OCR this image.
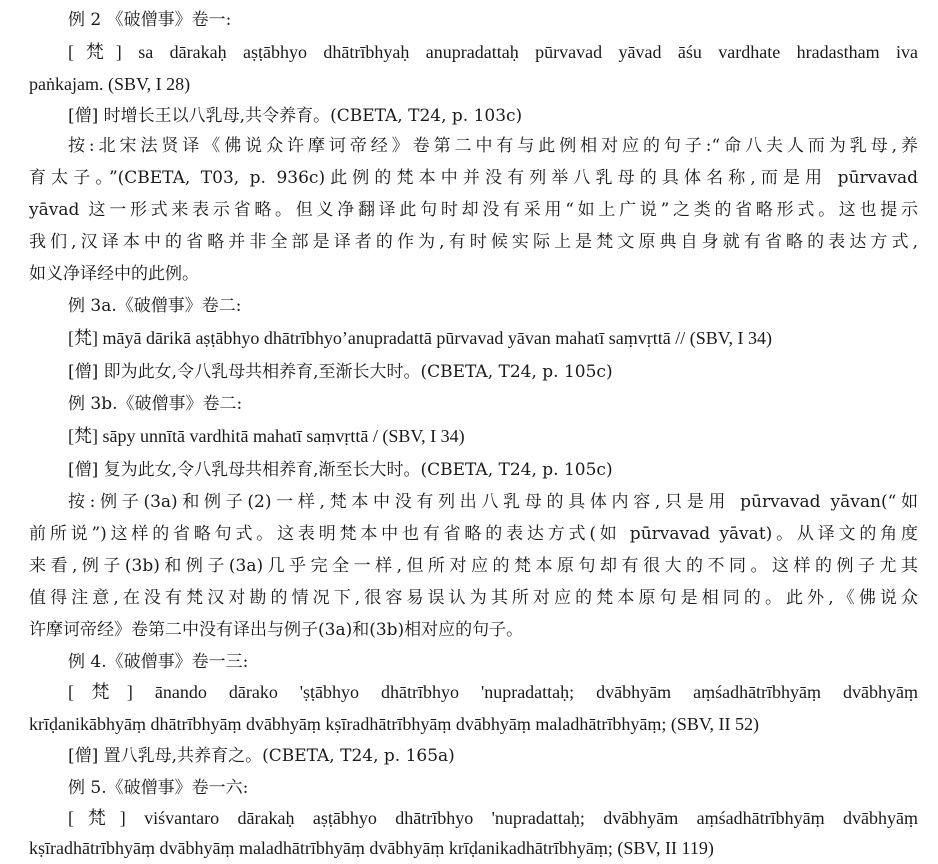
例 2 《破僧事》卷一:
[梵] sa dārakaḥ aṣṭābhyo dhātrībhyaḥ anupradattaḥ pūrvavad yāvad āśu vardhate hradastham iva
paṅkajam. (SBV, I 28)
[僧] 时增长王以八乳母,共令养育。(CBETA, T24, p. 103c)
按:北宋法贤译《佛说众许摩诃帝经》卷第二中有与此例相对应的句子:“命八夫人而为乳母,养
育太子。”(CBETA, T03, p. 936c)此例的梵本中并没有列举八乳母的具体名称,而是用 pūrvavad
yāvad 这一形式来表示省略。但义净翻译此句时却没有采用“如上广说”之类的省略形式。这也提示
我们,汉译本中的省略并非全部是译者的作为,有时候实际上是梵文原典自身就有省略的表达方式,
如义净译经中的此例。
例 3a.《破僧事》卷二:
[梵] māyā dārikā aṣṭābhyo dhātrībhyo’anupradattā pūrvavad yāvan mahatī saṃvṛttā // (SBV, I 34)
[僧] 即为此女,令八乳母共相养育,至渐长大时。(CBETA, T24, p. 105c)
例 3b.《破僧事》卷二:
[梵] sāpy unnītā vardhitā mahatī saṃvṛttā / (SBV, I 34)
[僧] 复为此女,令八乳母共相养育,渐至长大时。(CBETA, T24, p. 105c)
按:例子(3a)和例子(2)一样,梵本中没有列出八乳母的具体内容,只是用 pūrvavad yāvan(“如
前所说”)这样的省略句式。这表明梵本中也有省略的表达方式(如 pūrvavad yāvat)。从译文的角度
来看,例子(3b)和例子(3a)几乎完全一样,但所对应的梵本原句却有很大的不同。这样的例子尤其
值得注意,在没有梵汉对勘的情况下,很容易误认为其所对应的梵本原句是相同的。此外,《佛说众
许摩诃帝经》卷第二中没有译出与例子(3a)和(3b)相对应的句子。
例 4.《破僧事》卷一三:
[梵] ānando dārako 'ṣṭābhyo dhātrībhyo 'nupradattaḥ; dvābhyām aṃśadhātrībhyāṃ dvābhyāṃ
krīḍanikābhyāṃ dhātrībhyāṃ dvābhyāṃ kṣīradhātrībhyāṃ dvābhyāṃ maladhātrībhyāṃ; (SBV, II 52)
[僧] 置八乳母,共养育之。(CBETA, T24, p. 165a)
例 5.《破僧事》卷一六:
[梵] viśvantaro dārakaḥ aṣṭābhyo dhātrībhyo 'nupradattaḥ; dvābhyām aṃśadhātrībhyāṃ dvābhyāṃ
kṣīradhātrībhyāṃ dvābhyāṃ maladhātrībhyāṃ dvābhyāṃ krīḍanikadhātrībhyāṃ; (SBV, II 119)
